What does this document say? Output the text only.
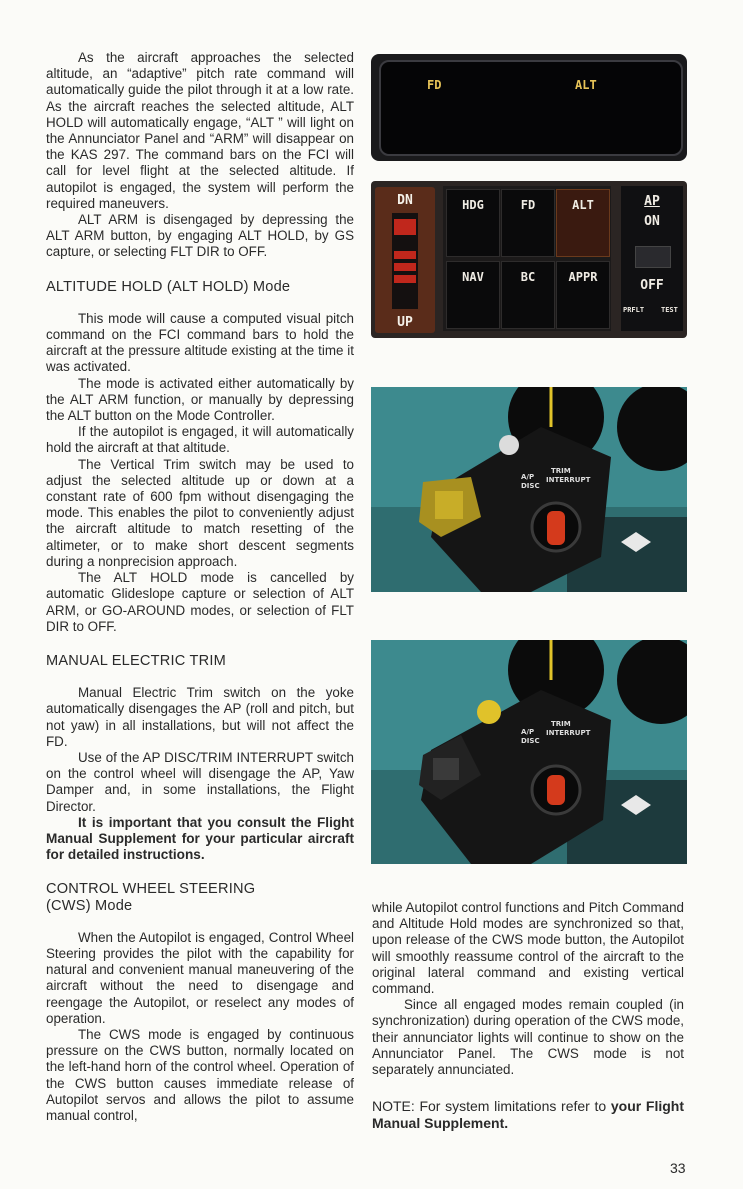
As the aircraft approaches the selected altitude, an “adaptive” pitch rate command will automatically guide the pilot through it at a low rate. As the aircraft reaches the selected altitude, ALT HOLD will automatically engage, “ALT ” will light on the Annunciator Panel and “ARM” will disappear on the KAS 297. The command bars on the FCI will call for level flight at the selected altitude. If autopilot is engaged, the system will perform the required maneuvers.

ALT ARM is disengaged by depressing the ALT ARM button, by engaging ALT HOLD, by GS capture, or selecting FLT DIR to OFF.

ALTITUDE HOLD (ALT HOLD) Mode

This mode will cause a computed visual pitch command on the FCI command bars to hold the aircraft at the pressure altitude existing at the time it was activated.

The mode is activated either automatically by the ALT ARM function, or manually by depressing the ALT button on the Mode Controller.

If the autopilot is engaged, it will automatically hold the aircraft at that altitude.

The Vertical Trim switch may be used to adjust the selected altitude up or down at a constant rate of 600 fpm without disengaging the mode. This enables the pilot to conveniently adjust the aircraft altitude to match resetting of the altimeter, or to make short descent segments during a nonprecision approach.

The ALT HOLD mode is cancelled by automatic Glideslope capture or selection of ALT ARM, or GO-AROUND modes, or selection of FLT DIR to OFF.

MANUAL ELECTRIC TRIM

Manual Electric Trim switch on the yoke automatically disengages the AP (roll and pitch, but not yaw) in all installations, but will not affect the FD.

Use of the AP DISC/TRIM INTERRUPT switch on the control wheel will disengage the AP, Yaw Damper and, in some installations, the Flight Director.

It is important that you consult the Flight Manual Supplement for your particular aircraft for detailed instructions.

CONTROL WHEEL STEERING (CWS) Mode

When the Autopilot is engaged, Control Wheel Steering provides the pilot with the capability for natural and convenient manual maneuvering of the aircraft without the need to disengage and reengage the Autopilot, or reselect any modes of operation.

The CWS mode is engaged by continuous pressure on the CWS button, normally located on the left-hand horn of the control wheel. Operation of the CWS button causes immediate release of Autopilot servos and allows the pilot to assume manual control,

while Autopilot control functions and Pitch Command and Altitude Hold modes are synchronized so that, upon release of the CWS mode button, the Autopilot will smoothly reassume control of the aircraft to the original lateral command and existing vertical command.

Since all engaged modes remain coupled (in synchronization) during operation of the CWS mode, their annunciator lights will continue to show on the Annunciator Panel. The CWS mode is not separately annunciated.

NOTE: For system limitations refer to your Flight Manual Supplement.

FD	ALT
DN
UP
HDG	FD	ALT
NAV	BC	APPR
AP
ON
OFF
PRFLT TEST
A/P
DISC
TRIM
INTERRUPT
A/P
DISC
TRIM
INTERRUPT
33
